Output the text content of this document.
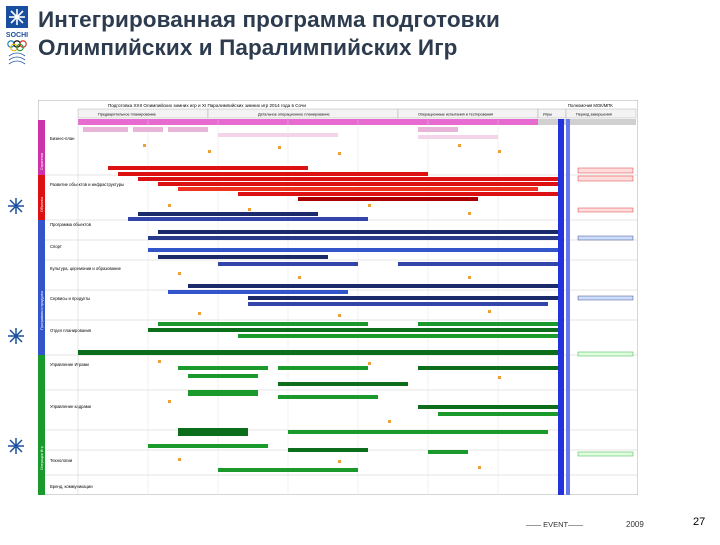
SOCHI
Интегрированная программа подготовки
Олимпийских и Паралимпийских Игр
Подготовка XXII Олимпийских зимних игр и XI Паралимпийских зимних игр 2014 года в Сочи	Полномочия МОК/МПК
Предварительное планирование	Детальное операционное планирование	Операционные испытания и тестирования	Игры	Период завершения
Стратегия
Объекты
Программы и продукты
Операции Игр
Бизнес-план
Развитие объектов и инфраструктуры
Программа объектов
Спорт
Культура, церемонии и образование
Сервисы и продукты
Отдел планирования
Управление Играми
Управление кадрами
Технологии
Бренд, коммуникации
—— EVENT——	2009	27
